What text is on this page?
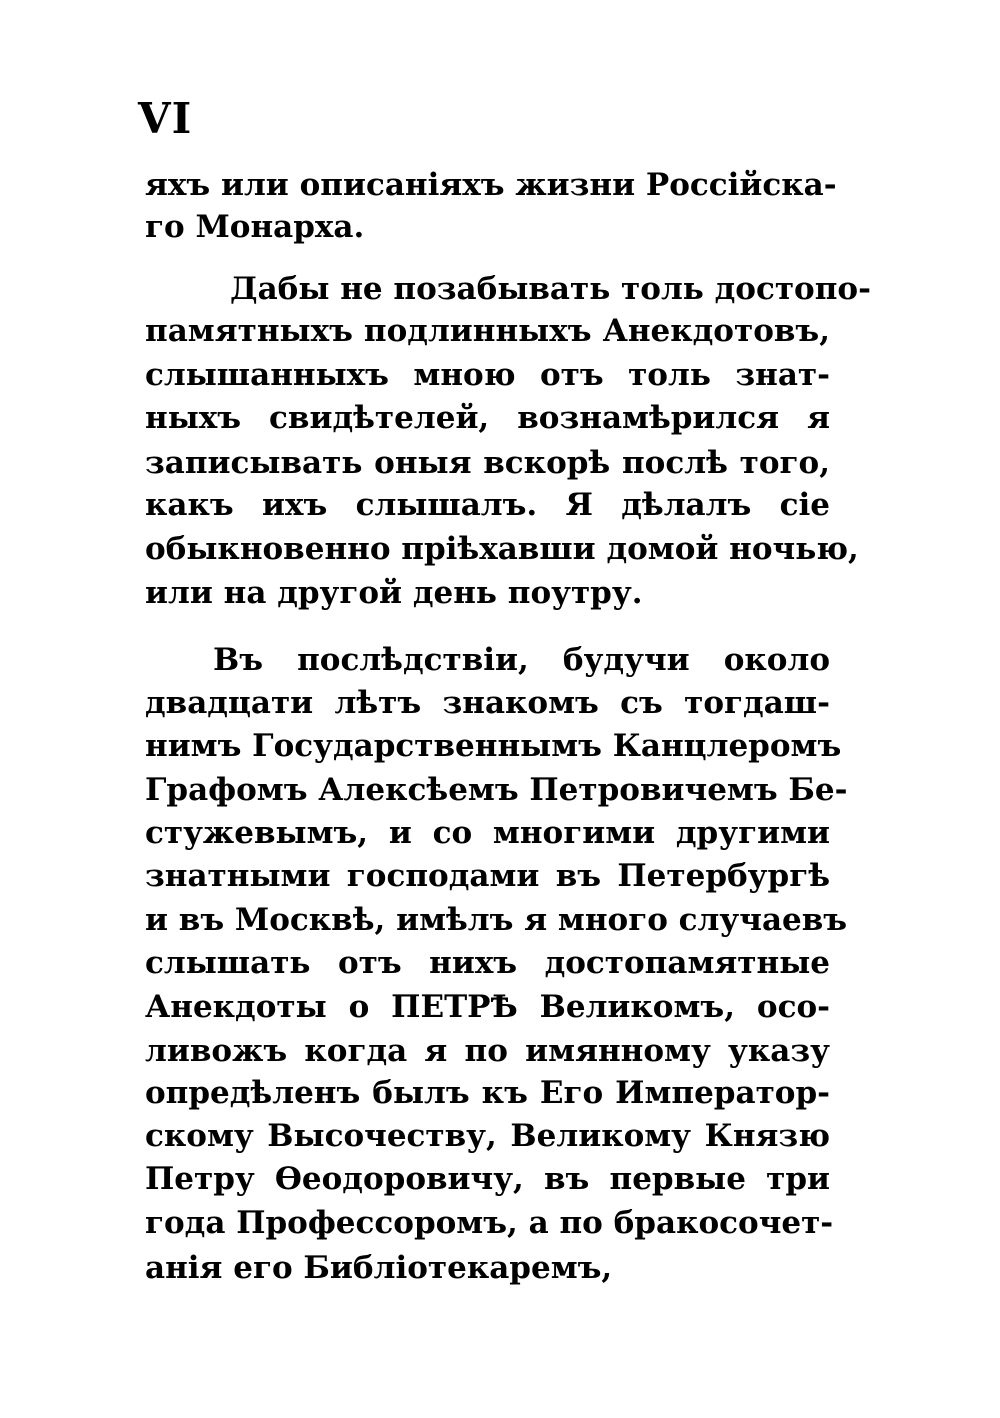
VI
яхъ или описанiяхъ жизни Россiйска-
го Монарха.
Дабы не позабывать толь достопо-
памятныхъ подлинныхъ Анекдотовъ,
слышанныхъ мною отъ толь знат-
ныхъ свидѣтелей, вознамѣрился я
записывать оныя вскорѣ послѣ того,
какъ ихъ слышалъ. Я дѣлалъ сiе
обыкновенно прiѣхавши домой ночью,
или на другой день поутру.
Въ послѣдствiи, будучи около
двадцати лѣтъ знакомъ съ тогдаш-
нимъ Государственнымъ Канцлеромъ
Графомъ Алексѣемъ Петровичемъ Бе-
стужевымъ, и со многими другими
знатными господами въ Петербургѣ
и въ Москвѣ, имѣлъ я много случаевъ
слышать отъ нихъ достопамятные
Анекдоты о ПЕТРѢ Великомъ, осо-
ливожъ когда я по имянному указу
опредѣленъ былъ къ Его Император-
скому Высочеству, Великому Князю
Петру Өеодоровичу, въ первые три
года Профессоромъ, а по бракосочет-
анiя его Библiотекаремъ,
